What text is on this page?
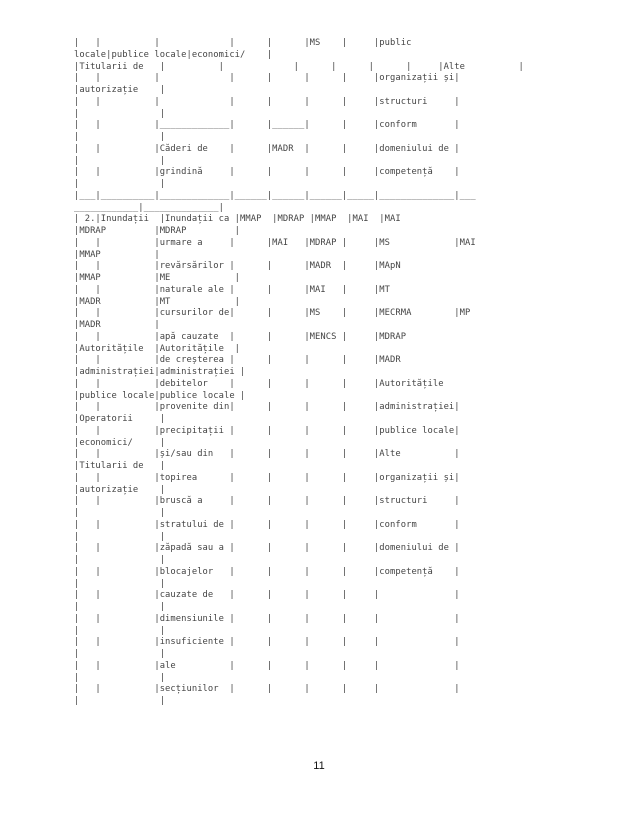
|   |          |             |      |      |MS    |     |public
locale|publice locale|economici/    |
|Titularii de   |          |             |      |      |      |     |Alte          |
|   |          |             |      |      |      |     |organizații și|
|autorizație    |
|   |          |             |      |      |      |     |structuri     |
|               |
|   |          |_____________|      |______|      |     |conform       |
|               |
|   |          |Căderi de    |      |MADR  |      |     |domeniului de |
|               |
|   |          |grindină     |      |      |      |     |competență    |
|               |
|___|__________|_____________|______|______|______|_____|______________|___
____________|______________|
| 2.|Inundații  |Inundații ca |MMAP  |MDRAP |MMAP  |MAI  |MAI
|MDRAP         |MDRAP         |
|   |          |urmare a     |      |MAI   |MDRAP |     |MS            |MAI
|MMAP          |
|   |          |revărsărilor |      |      |MADR  |     |MApN
|MMAP          |ME            |
|   |          |naturale ale |      |      |MAI   |     |MT
|MADR          |MT            |
|   |          |cursurilor de|      |      |MS    |     |MECRMA        |MP
|MADR          |
|   |          |apă cauzate  |      |      |MENCS |     |MDRAP
|Autoritățile  |Autoritățile  |
|   |          |de creșterea |      |      |      |     |MADR
|administrației|administrației |
|   |          |debitelor    |      |      |      |     |Autoritățile
|publice locale|publice locale |
|   |          |provenite din|      |      |      |     |administrației|
|Operatorii     |
|   |          |precipitații |      |      |      |     |publice locale|
|economici/     |
|   |          |și/sau din   |      |      |      |     |Alte          |
|Titularii de   |
|   |          |topirea      |      |      |      |     |organizații și|
|autorizație    |
|   |          |bruscă a     |      |      |      |     |structuri     |
|               |
|   |          |stratului de |      |      |      |     |conform       |
|               |
|   |          |zăpadă sau a |      |      |      |     |domeniului de |
|               |
|   |          |blocajelor   |      |      |      |     |competență    |
|               |
|   |          |cauzate de   |      |      |      |     |              |
|               |
|   |          |dimensiunile |      |      |      |     |              |
|               |
|   |          |insuficiente |      |      |      |     |              |
|               |
|   |          |ale          |      |      |      |     |              |
|               |
|   |          |secțiunilor  |      |      |      |     |              |
|               |
11
